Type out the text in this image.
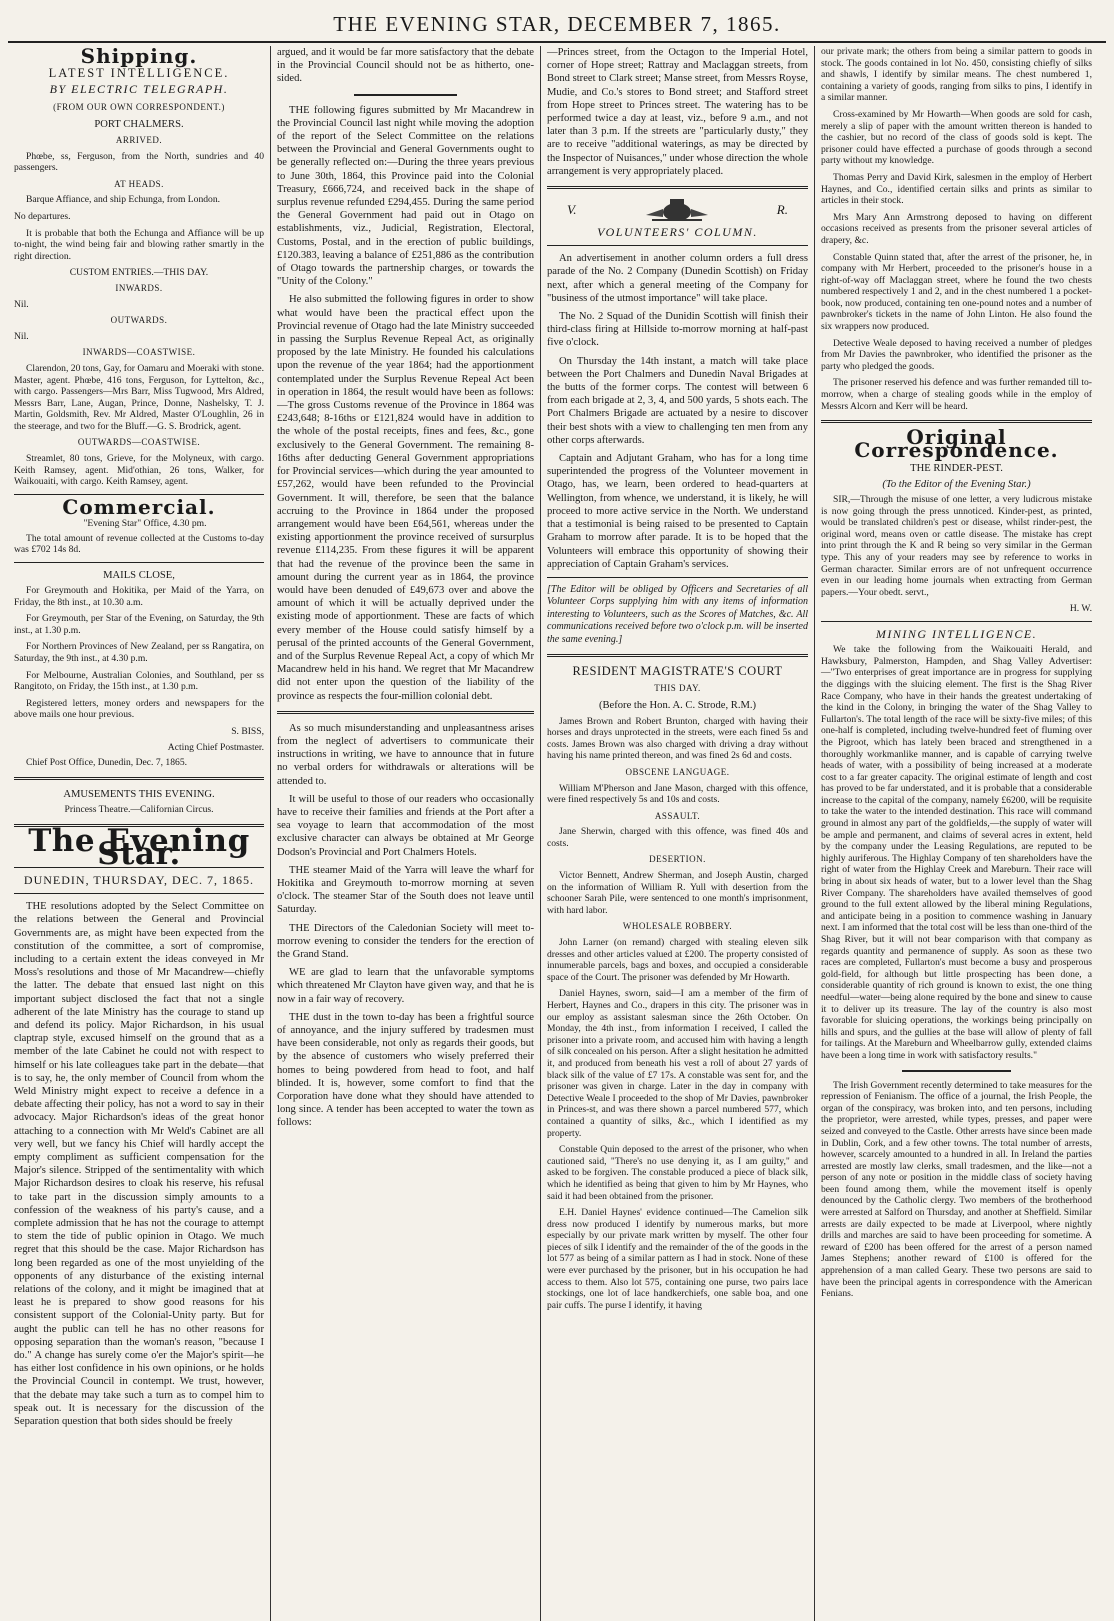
THE EVENING STAR, DECEMBER 7, 1865.
Shipping.
LATEST INTELLIGENCE.
BY ELECTRIC TELEGRAPH.
(FROM OUR OWN CORRESPONDENT.)
PORT CHALMERS.
ARRIVED.

Phœbe, ss, Ferguson, from the North, sundries and 40 passengers.

AT HEADS.

Barque Affiance, and ship Echunga, from London.

No departures.

It is probable that both the Echunga and Affiance will be up to-night, the wind being fair and blowing rather smartly in the right direction.

CUSTOM ENTRIES.—THIS DAY.
INWARDS.

Nil.

OUTWARDS.

Nil.

INWARDS—COASTWISE.

Clarendon, 20 tons, Gay, for Oamaru and Moeraki with stone. Master, agent. Phœbe, 416 tons, Ferguson, for Lyttelton, &c., with cargo. Passengers—Mrs Barr, Miss Tugwood, Mrs Aldred, Messrs Barr, Lane, Augan, Prince, Donne, Nashelsky, T. J. Martin, Goldsmith, Rev. Mr Aldred, Master O'Loughlin, 26 in the steerage, and two for the Bluff.—G. S. Brodrick, agent.

OUTWARDS—COASTWISE.

Streamlet, 80 tons, Grieve, for the Molyneux, with cargo. Keith Ramsey, agent. Mid'othian, 26 tons, Walker, for Waikouaiti, with cargo. Keith Ramsey, agent.

Commercial.

"Evening Star" Office, 4.30 pm.

The total amount of revenue collected at the Customs to-day was £702 14s 8d.

MAILS CLOSE,

For Greymouth and Hokitika, per Maid of the Yarra, on Friday, the 8th inst., at 10.30 a.m.

For Greymouth, per Star of the Evening, on Saturday, the 9th inst., at 1.30 p.m.

For Northern Provinces of New Zealand, per ss Rangatira, on Saturday, the 9th inst., at 4.30 p.m.

For Melbourne, Australian Colonies, and Southland, per ss Rangitoto, on Friday, the 15th inst., at 1.30 p.m.

Registered letters, money orders and newspapers for the above mails one hour previous.

S. BISS,
Acting Chief Postmaster.

Chief Post Office, Dunedin, Dec. 7, 1865.

AMUSEMENTS THIS EVENING.
Princess Theatre.—Californian Circus.
The Evening Star.
DUNEDIN, THURSDAY, DEC. 7, 1865.

THE resolutions adopted by the Select Committee on the relations between the General and Provincial Governments are, as might have been expected from the constitution of the committee, a sort of compromise, including to a certain extent the ideas conveyed in Mr Moss's resolutions and those of Mr Macandrew—chiefly the latter. The debate that ensued last night on this important subject disclosed the fact that not a single adherent of the late Ministry has the courage to stand up and defend its policy. Major Richardson, in his usual claptrap style, excused himself on the ground that as a member of the late Cabinet he could not with respect to himself or his late colleagues take part in the debate—that is to say, he, the only member of Council from whom the Weld Ministry might expect to receive a defence in a debate affecting their policy, has not a word to say in their advocacy. Major Richardson's ideas of the great honor attaching to a connection with Mr Weld's Cabinet are all very well, but we fancy his Chief will hardly accept the empty compliment as sufficient compensation for the Major's silence. Stripped of the sentimentality with which Major Richardson desires to cloak his reserve, his refusal to take part in the discussion simply amounts to a confession of the weakness of his party's cause, and a complete admission that he has not the courage to attempt to stem the tide of public opinion in Otago. We much regret that this should be the case. Major Richardson has long been regarded as one of the most unyielding of the opponents of any disturbance of the existing internal relations of the colony, and it might be imagined that at least he is prepared to show good reasons for his consistent support of the Colonial-Unity party. But for aught the public can tell he has no other reasons for opposing separation than the woman's reason, "because I do." A change has surely come o'er the Major's spirit—he has either lost confidence in his own opinions, or he holds the Provincial Council in contempt. We trust, however, that the debate may take such a turn as to compel him to speak out. It is necessary for the discussion of the Separation question that both sides should be freely

argued, and it would be far more satisfactory that the debate in the Provincial Council should not be as hitherto, one-sided.

THE following figures submitted by Mr Macandrew in the Provincial Council last night while moving the adoption of the report of the Select Committee on the relations between the Provincial and General Governments ought to be generally reflected on:—During the three years previous to June 30th, 1864, this Province paid into the Colonial Treasury, £666,724, and received back in the shape of surplus revenue refunded £294,455. During the same period the General Government had paid out in Otago on establishments, viz., Judicial, Registration, Electoral, Customs, Postal, and in the erection of public buildings, £120.383, leaving a balance of £251,886 as the contribution of Otago towards the partnership charges, or towards the "Unity of the Colony."

He also submitted the following figures in order to show what would have been the practical effect upon the Provincial revenue of Otago had the late Ministry succeeded in passing the Surplus Revenue Repeal Act, as originally proposed by the late Ministry. He founded his calculations upon the revenue of the year 1864; had the apportionment contemplated under the Surplus Revenue Repeal Act been in operation in 1864, the result would have been as follows:—The gross Customs revenue of the Province in 1864 was £243,648; 8-16ths or £121,824 would have in addition to the whole of the postal receipts, fines and fees, &c., gone exclusively to the General Government. The remaining 8-16ths after deducting General Government appropriations for Provincial services—which during the year amounted to £57,262, would have been refunded to the Provincial Government. It will, therefore, be seen that the balance accruing to the Province in 1864 under the proposed arrangement would have been £64,561, whereas under the existing apportionment the province received of sursurplus revenue £114,235. From these figures it will be apparent that had the revenue of the province been the same in amount during the current year as in 1864, the province would have been denuded of £49,673 over and above the amount of which it will be actually deprived under the existing mode of apportionment. These are facts of which every member of the House could satisfy himself by a perusal of the printed accounts of the General Government, and of the Surplus Revenue Repeal Act, a copy of which Mr Macandrew held in his hand. We regret that Mr Macandrew did not enter upon the question of the liability of the province as respects the four-million colonial debt.

As so much misunderstanding and unpleasantness arises from the neglect of advertisers to communicate their instructions in writing, we have to announce that in future no verbal orders for withdrawals or alterations will be attended to.

It will be useful to those of our readers who occasionally have to receive their families and friends at the Port after a sea voyage to learn that accommodation of the most exclusive character can always be obtained at Mr George Dodson's Provincial and Port Chalmers Hotels.

THE steamer Maid of the Yarra will leave the wharf for Hokitika and Greymouth to-morrow morning at seven o'clock. The steamer Star of the South does not leave until Saturday.

THE Directors of the Caledonian Society will meet to-morrow evening to consider the tenders for the erection of the Grand Stand.

WE are glad to learn that the unfavorable symptoms which threatened Mr Clayton have given way, and that he is now in a fair way of recovery.

THE dust in the town to-day has been a frightful source of annoyance, and the injury suffered by tradesmen must have been considerable, not only as regards their goods, but by the absence of customers who wisely preferred their homes to being powdered from head to foot, and half blinded. It is, however, some comfort to find that the Corporation have done what they should have attended to long since. A tender has been accepted to water the town as follows:

—Princes street, from the Octagon to the Imperial Hotel, corner of Hope street; Rattray and Maclaggan streets, from Bond street to Clark street; Manse street, from Messrs Royse, Mudie, and Co.'s stores to Bond street; and Stafford street from Hope street to Princes street. The watering has to be performed twice a day at least, viz., before 9 a.m., and not later than 3 p.m. If the streets are "particularly dusty," they are to receive "additional waterings, as may be directed by the Inspector of Nuisances," under whose direction the whole arrangement is very appropriately placed.

V.	R.
VOLUNTEERS' COLUMN.

An advertisement in another column orders a full dress parade of the No. 2 Company (Dunedin Scottish) on Friday next, after which a general meeting of the Company for "business of the utmost importance" will take place.

The No. 2 Squad of the Dunidin Scottish will finish their third-class firing at Hillside to-morrow morning at half-past five o'clock.

On Thursday the 14th instant, a match will take place between the Port Chalmers and Dunedin Naval Brigades at the butts of the former corps. The contest will between 6 from each brigade at 2, 3, 4, and 500 yards, 5 shots each. The Port Chalmers Brigade are actuated by a nesire to discover their best shots with a view to challenging ten men from any other corps afterwards.

Captain and Adjutant Graham, who has for a long time superintended the progress of the Volunteer movement in Otago, has, we learn, been ordered to head-quarters at Wellington, from whence, we understand, it is likely, he will proceed to more active service in the North. We understand that a testimonial is being raised to be presented to Captain Graham to morrow after parade. It is to be hoped that the Volunteers will embrace this opportunity of showing their appreciation of Captain Graham's services.

[The Editor will be obliged by Officers and Secretaries of all Volunteer Corps supplying him with any items of information interesting to Volunteers, such as the Scores of Matches, &c. All communications received before two o'clock p.m. will be inserted the same evening.]

RESIDENT MAGISTRATE'S COURT
THIS DAY.
(Before the Hon. A. C. Strode, R.M.)

James Brown and Robert Brunton, charged with having their horses and drays unprotected in the streets, were each fined 5s and costs. James Brown was also charged with driving a dray without having his name printed thereon, and was fined 2s 6d and costs.

OBSCENE LANGUAGE.

William M'Pherson and Jane Mason, charged with this offence, were fined respectively 5s and 10s and costs.

ASSAULT.

Jane Sherwin, charged with this offence, was fined 40s and costs.

DESERTION.

Victor Bennett, Andrew Sherman, and Joseph Austin, charged on the information of William R. Yull with desertion from the schooner Sarah Pile, were sentenced to one month's imprisonment, with hard labor.

WHOLESALE ROBBERY.

John Larner (on remand) charged with stealing eleven silk dresses and other articles valued at £200. The property consisted of innumerable parcels, bags and boxes, and occupied a considerable space of the Court. The prisoner was defended by Mr Howarth.

Daniel Haynes, sworn, said—I am a member of the firm of Herbert, Haynes and Co., drapers in this city. The prisoner was in our employ as assistant salesman since the 26th October. On Monday, the 4th inst., from information I received, I called the prisoner into a private room, and accused him with having a length of silk concealed on his person. After a slight hesitation he admitted it, and produced from beneath his vest a roll of about 27 yards of black silk of the value of £7 17s. A constable was sent for, and the prisoner was given in charge. Later in the day in company with Detective Weale I proceeded to the shop of Mr Davies, pawnbroker in Princes-st, and was there shown a parcel numbered 577, which contained a quantity of silks, &c., which I identified as my property.

Constable Quin deposed to the arrest of the prisoner, who when cautioned said, "There's no use denying it, as I am guilty," and asked to be forgiven. The constable produced a piece of black silk, which he identified as being that given to him by Mr Haynes, who said it had been obtained from the prisoner.

E.H. Daniel Haynes' evidence continued—The Camelion silk dress now produced I identify by numerous marks, but more especially by our private mark written by myself. The other four pieces of silk I identify and the remainder of the of the goods in the lot 577 as being of a similar pattern as I had in stock. None of these were ever purchased by the prisoner, but in his occupation he had access to them. Also lot 575, containing one purse, two pairs lace stockings, one lot of lace handkerchiefs, one sable boa, and one pair cuffs. The purse I identify, it having

our private mark; the others from being a similar pattern to goods in stock. The goods contained in lot No. 450, consisting chiefly of silks and shawls, I identify by similar means. The chest numbered 1, containing a variety of goods, ranging from silks to pins, I identify in a similar manner.

Cross-examined by Mr Howarth—When goods are sold for cash, merely a slip of paper with the amount written thereon is handed to the cashier, but no record of the class of goods sold is kept. The prisoner could have effected a purchase of goods through a second party without my knowledge.

Thomas Perry and David Kirk, salesmen in the employ of Herbert Haynes, and Co., identified certain silks and prints as similar to articles in their stock.

Mrs Mary Ann Armstrong deposed to having on different occasions received as presents from the prisoner several articles of drapery, &c.

Constable Quinn stated that, after the arrest of the prisoner, he, in company with Mr Herbert, proceeded to the prisoner's house in a right-of-way off Maclaggan street, where he found the two chests numbered respectively 1 and 2, and in the chest numbered 1 a pocket-book, now produced, containing ten one-pound notes and a number of pawnbroker's tickets in the name of John Linton. He also found the six wrappers now produced.

Detective Weale deposed to having received a number of pledges from Mr Davies the pawnbroker, who identified the prisoner as the party who pledged the goods.

The prisoner reserved his defence and was further remanded till to-morrow, when a charge of stealing goods while in the employ of Messrs Alcorn and Kerr will be heard.

Original Correspondence.
THE RINDER-PEST.
(To the Editor of the Evening Star.)

SIR,—Through the misuse of one letter, a very ludicrous mistake is now going through the press unnoticed. Kinder-pest, as printed, would be translated children's pest or disease, whilst rinder-pest, the original word, means oven or cattle disease. The mistake has crept into print through the K and R being so very similar in the German type. This any of your readers may see by reference to works in German character. Similar errors are of not unfrequent occurrence even in our leading home journals when extracting from German papers.—Your obedt. servt.,

H. W.
MINING INTELLIGENCE.

We take the following from the Waikouaiti Herald, and Hawksbury, Palmerston, Hampden, and Shag Valley Advertiser:—"Two enterprises of great importance are in progress for supplying the diggings with the sluicing element. The first is the Shag River Race Company, who have in their hands the greatest undertaking of the kind in the Colony, in bringing the water of the Shag Valley to Fullarton's. The total length of the race will be sixty-five miles; of this one-half is completed, including twelve-hundred feet of fluming over the Pigroot, which has lately been braced and strengthened in a thoroughly workmanlike manner, and is capable of carrying twelve heads of water, with a possibility of being increased at a moderate cost to a far greater capacity. The original estimate of length and cost has proved to be far understated, and it is probable that a considerable increase to the capital of the company, namely £6200, will be requisite to take the water to the intended destination. This race will command ground in almost any part of the goldfields,—the supply of water will be ample and permanent, and claims of several acres in extent, held by the company under the Leasing Regulations, are reputed to be highly auriferous. The Highlay Company of ten shareholders have the right of water from the Highlay Creek and Mareburn. Their race will bring in about six heads of water, but to a lower level than the Shag River Company. The shareholders have availed themselves of good ground to the full extent allowed by the liberal mining Regulations, and anticipate being in a position to commence washing in January next. I am informed that the total cost will be less than one-third of the Shag River, but it will not bear comparison with that company as regards quantity and permanence of supply. As soon as these two races are completed, Fullarton's must become a busy and prosperous gold-field, for although but little prospecting has been done, a considerable quantity of rich ground is known to exist, the one thing needful—water—being alone required by the bone and sinew to cause it to deliver up its treasure. The lay of the country is also most favorable for sluicing operations, the workings being principally on hills and spurs, and the gullies at the base will allow of plenty of fall for tailings. At the Mareburn and Wheelbarrow gully, extended claims have been a long time in work with satisfactory results."

The Irish Government recently determined to take measures for the repression of Fenianism. The office of a journal, the Irish People, the organ of the conspiracy, was broken into, and ten persons, including the proprietor, were arrested, while types, presses, and paper were seized and conveyed to the Castle. Other arrests have since been made in Dublin, Cork, and a few other towns. The total number of arrests, however, scarcely amounted to a hundred in all. In Ireland the parties arrested are mostly law clerks, small tradesmen, and the like—not a person of any note or position in the middle class of society having been found among them, while the movement itself is openly denounced by the Catholic clergy. Two members of the brotherhood were arrested at Salford on Thursday, and another at Sheffield. Similar arrests are daily expected to be made at Liverpool, where nightly drills and marches are said to have been proceeding for sometime. A reward of £200 has been offered for the arrest of a person named James Stephens; another reward of £100 is offered for the apprehension of a man called Geary. These two persons are said to have been the principal agents in correspondence with the American Fenians.
